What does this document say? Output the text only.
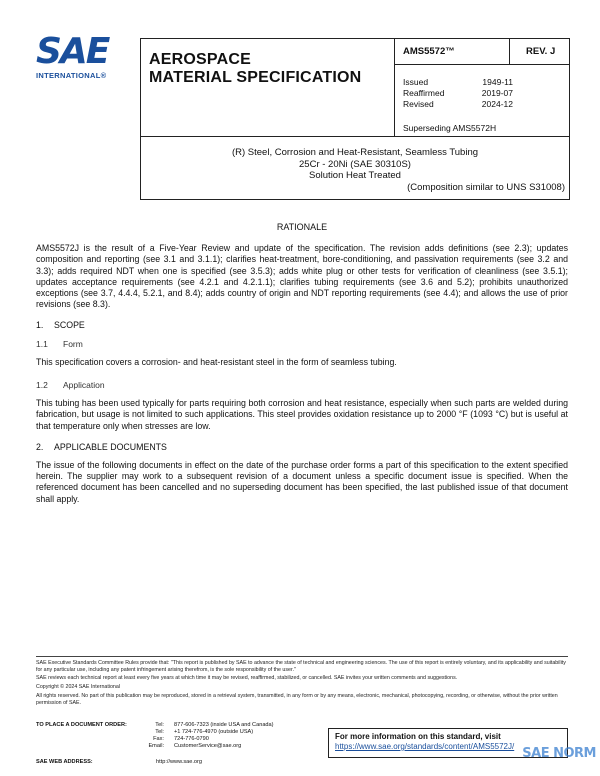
SAE
INTERNATIONAL®
AEROSPACE
MATERIAL SPECIFICATION
AMS5572™	REV. J
Issued	1949-11
Reaffirmed	2019-07
Revised	2024-12
Superseding AMS5572H
(R) Steel, Corrosion and Heat-Resistant, Seamless Tubing
25Cr - 20Ni (SAE 30310S)
Solution Heat Treated
(Composition similar to UNS S31008)
RATIONALE
AMS5572J is the result of a Five-Year Review and update of the specification. The revision adds definitions (see 2.3); updates composition and reporting (see 3.1 and 3.1.1); clarifies heat-treatment, bore-conditioning, and passivation requirements (see 3.2 and 3.3); adds required NDT when one is specified (see 3.5.3); adds white plug or other tests for verification of cleanliness (see 3.5.1); updates acceptance requirements (see 4.2.1 and 4.2.1.1); clarifies tubing requirements (see 3.6 and 5.2); prohibits unauthorized exceptions (see 3.7, 4.4.4, 5.2.1, and 8.4); adds country of origin and NDT reporting requirements (see 4.4); and allows the use of prior revisions (see 8.3).
1. SCOPE
1.1 Form
This specification covers a corrosion- and heat-resistant steel in the form of seamless tubing.
1.2 Application
This tubing has been used typically for parts requiring both corrosion and heat resistance, especially when such parts are welded during fabrication, but usage is not limited to such applications. This steel provides oxidation resistance up to 2000 °F (1093 °C) but is useful at that temperature only when stresses are low.
2. APPLICABLE DOCUMENTS
The issue of the following documents in effect on the date of the purchase order forms a part of this specification to the extent specified herein. The supplier may work to a subsequent revision of a document unless a specific document issue is specified. When the referenced document has been cancelled and no superseding document has been specified, the last published issue of that document shall apply.

SAE Executive Standards Committee Rules provide that: "This report is published by SAE to advance the state of technical and engineering sciences. The use of this report is entirely voluntary, and its applicability and suitability for any particular use, including any patent infringement arising therefrom, is the sole responsibility of the user."

SAE reviews each technical report at least every five years at which time it may be revised, reaffirmed, stabilized, or cancelled. SAE invites your written comments and suggestions.

Copyright © 2024 SAE International

All rights reserved. No part of this publication may be reproduced, stored in a retrieval system, transmitted, in any form or by any means, electronic, mechanical, photocopying, recording, or otherwise, without the prior written permission of SAE.

TO PLACE A DOCUMENT ORDER:	Tel: 877-606-7323 (inside USA and Canada)
Tel: +1 724-776-4970 (outside USA)
Fax: 724-776-0790
Email: CustomerService@sae.org
SAE WEB ADDRESS:	http://www.sae.org
For more information on this standard, visit
https://www.sae.org/standards/content/AMS5572J/ SAE NORM
